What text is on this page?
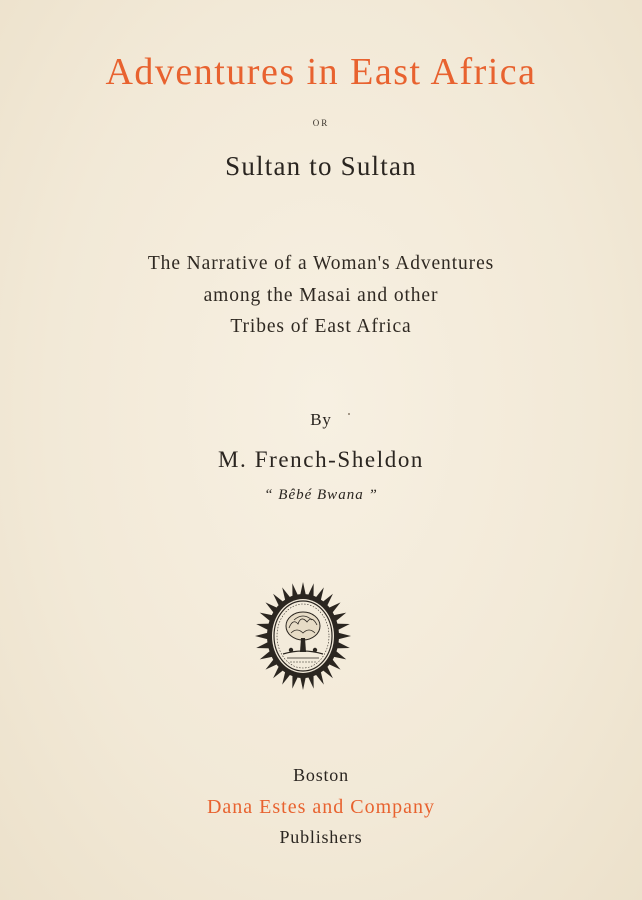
Adventures in East Africa
OR
Sultan to Sultan
The Narrative of a Woman's Adventures
among the Masai and other
Tribes of East Africa
By
M. French-Sheldon
“ Bêbé Bwana ”
Boston
Dana Estes and Company
Publishers
